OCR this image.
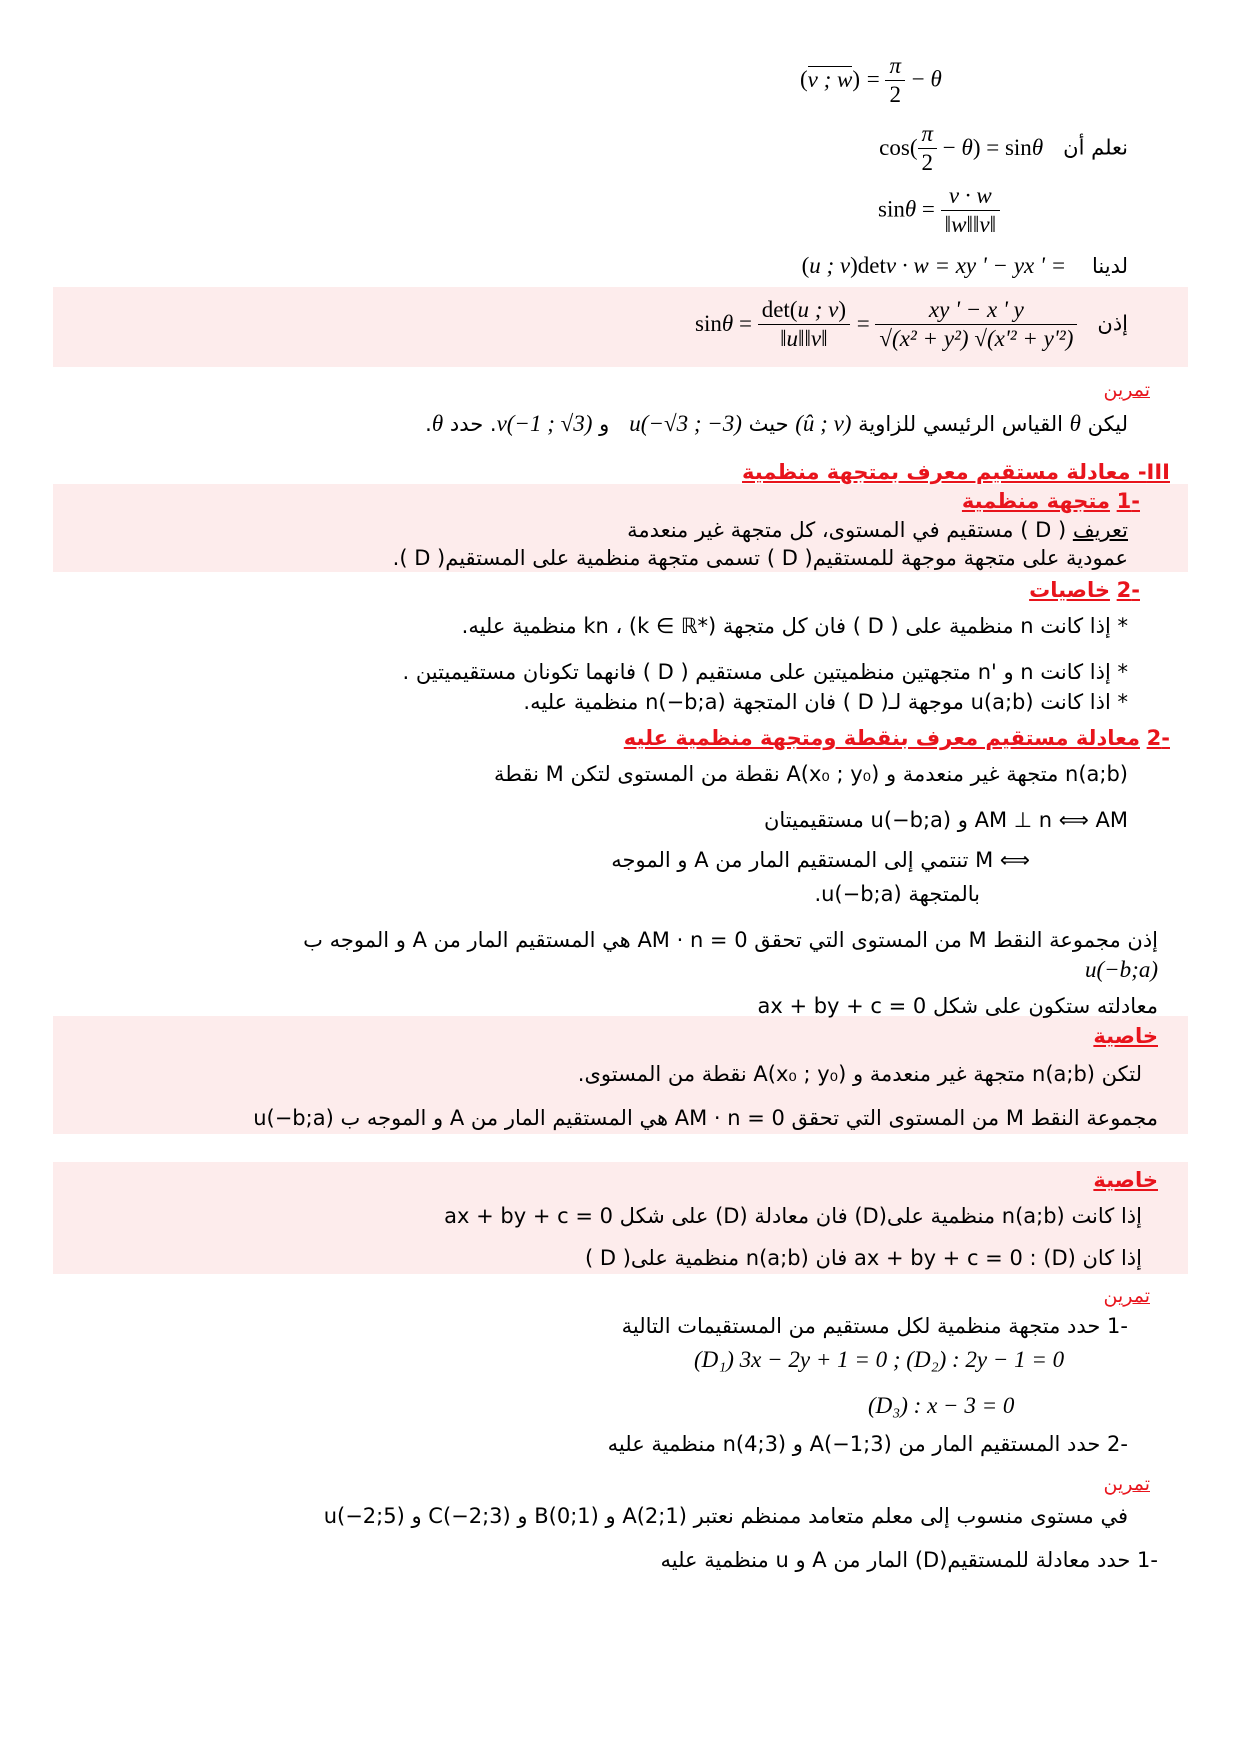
(v ; $w) = \frac{\pi}{2} - \theta$
نعلم أن   $\cos( \frac{\pi}{2} - \theta) = \sin\theta$
$\sin\theta = \frac{v \cdot w}{‖w‖‖v‖}$
لدينا   v · w = xy ' − yx ' = det(u ; v)
إذن   $\sin\theta = \frac{\det(u ; v)}{‖u‖‖v‖} = \frac{xy ' - x ' y}{\text{√(x² + y²) √(x'² + y'²)}}$
تمرين
ليكن θ القياس الرئيسي للزاوية (û ; v) حيث u(−√3 ; −3)   و v(−1 ; √3). حدد θ.
III- معادلة مستقيم معرف بمتجهة منظمية
-1 متجهة منظمية
تعريف ( D ) مستقيم في المستوى، كل متجهة غير منعدمة
عمودية على متجهة موجهة للمستقيم( D ) تسمى متجهة منظمية على المستقيم( D ).
-2 خاصيات
* إذا كانت n منظمية على ( D ) فان كل متجهة kn ، (k ∈ ℝ*) منظمية عليه.
* إذا كانت n و 'n متجهتين منظميتين على مستقيم ( D ) فانهما تكونان مستقيميتين .
* اذا كانت u(a;b) موجهة لـ( D ) فان المتجهة n(−b;a) منظمية عليه.
-2 معادلة مستقيم معرف بنقطة ومتجهة منظمية عليه
n(a;b) متجهة غير منعدمة و A(x₀ ; y₀) نقطة من المستوى لتكن M نقطة
AM ⊥ n ⟺ AM و u(−b;a) مستقيميتان
⟺ M تنتمي إلى المستقيم المار من A و الموجه
بالمتجهة u(−b;a).
إذن مجموعة النقط M من المستوى التي تحقق AM · n = 0 هي المستقيم المار من A و الموجه ب
u(−b;a)
معادلته ستكون على شكل ax + by + c = 0
خاصية
لتكن n(a;b) متجهة غير منعدمة و A(x₀ ; y₀) نقطة من المستوى.
مجموعة النقط M من المستوى التي تحقق AM · n = 0 هي المستقيم المار من A و الموجه ب u(−b;a)
خاصية
إذا كانت n(a;b) منظمية على(D) فان معادلة (D) على شكل ax + by + c = 0
إذا كان (D) : ax + by + c = 0 فان n(a;b) منظمية على( D )
تمرين
-1 حدد متجهة منظمية لكل مستقيم من المستقيمات التالية
(D₁) 3x − 2y + 1 = 0 ; (D₂) : 2y − 1 = 0
(D₃) : x − 3 = 0
-2 حدد المستقيم المار من A(−1;3) و n(4;3) منظمية عليه
تمرين
في مستوى منسوب إلى معلم متعامد ممنظم نعتبر A(2;1) و B(0;1) و C(−2;3) و u(−2;5)
-1 حدد معادلة للمستقيم(D) المار من A و u منظمية عليه
